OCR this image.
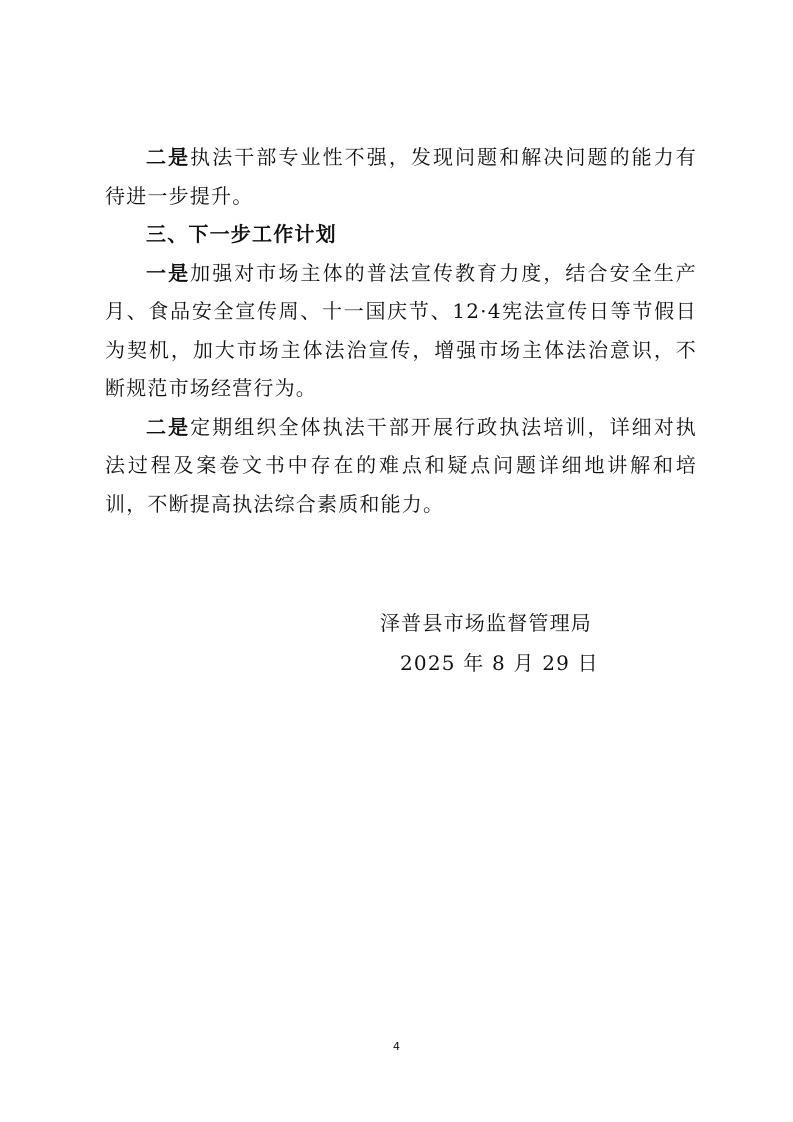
二是执法干部专业性不强，发现问题和解决问题的能力有待进一步提升。

三、下一步工作计划

一是加强对市场主体的普法宣传教育力度，结合安全生产月、食品安全宣传周、十一国庆节、12·4宪法宣传日等节假日为契机，加大市场主体法治宣传，增强市场主体法治意识，不断规范市场经营行为。

二是定期组织全体执法干部开展行政执法培训，详细对执法过程及案卷文书中存在的难点和疑点问题详细地讲解和培训，不断提高执法综合素质和能力。

泽普县市场监督管理局
2025 年 8 月 29 日
4
